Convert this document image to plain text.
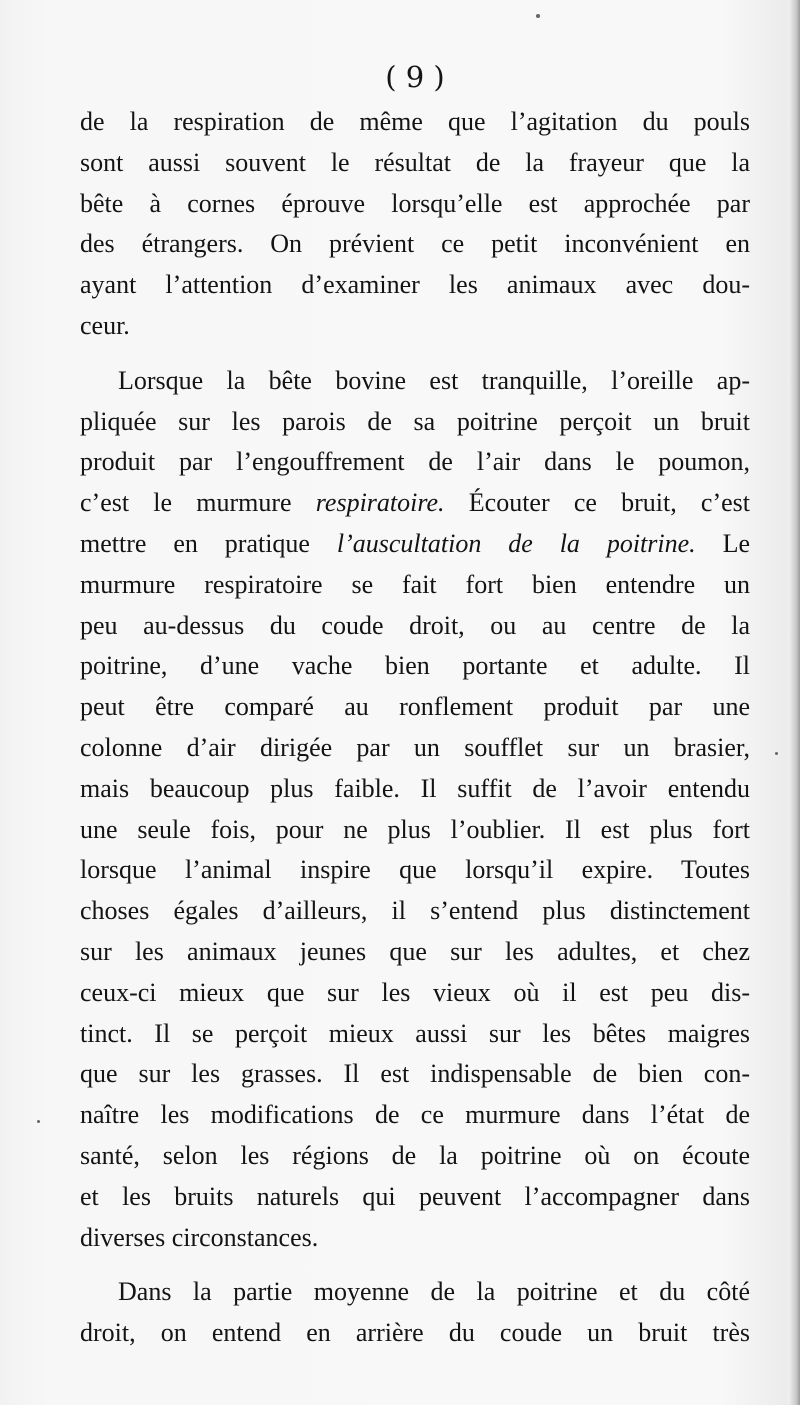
( 9 )
de la respiration de même que l’agitation du pouls
sont aussi souvent le résultat de la frayeur que la
bête à cornes éprouve lorsqu’elle est approchée par
des étrangers. On prévient ce petit inconvénient en
ayant l’attention d’examiner les animaux avec dou-
ceur.
Lorsque la bête bovine est tranquille, l’oreille ap-
pliquée sur les parois de sa poitrine perçoit un bruit
produit par l’engouffrement de l’air dans le poumon,
c’est le murmure respiratoire. Écouter ce bruit, c’est
mettre en pratique l’auscultation de la poitrine. Le
murmure respiratoire se fait fort bien entendre un
peu au-dessus du coude droit, ou au centre de la
poitrine, d’une vache bien portante et adulte. Il
peut être comparé au ronflement produit par une
colonne d’air dirigée par un soufflet sur un brasier,
mais beaucoup plus faible. Il suffit de l’avoir entendu
une seule fois, pour ne plus l’oublier. Il est plus fort
lorsque l’animal inspire que lorsqu’il expire. Toutes
choses égales d’ailleurs, il s’entend plus distinctement
sur les animaux jeunes que sur les adultes, et chez
ceux-ci mieux que sur les vieux où il est peu dis-
tinct. Il se perçoit mieux aussi sur les bêtes maigres
que sur les grasses. Il est indispensable de bien con-
naître les modifications de ce murmure dans l’état de
santé, selon les régions de la poitrine où on écoute
et les bruits naturels qui peuvent l’accompagner dans
diverses circonstances.
Dans la partie moyenne de la poitrine et du côté
droit, on entend en arrière du coude un bruit très
